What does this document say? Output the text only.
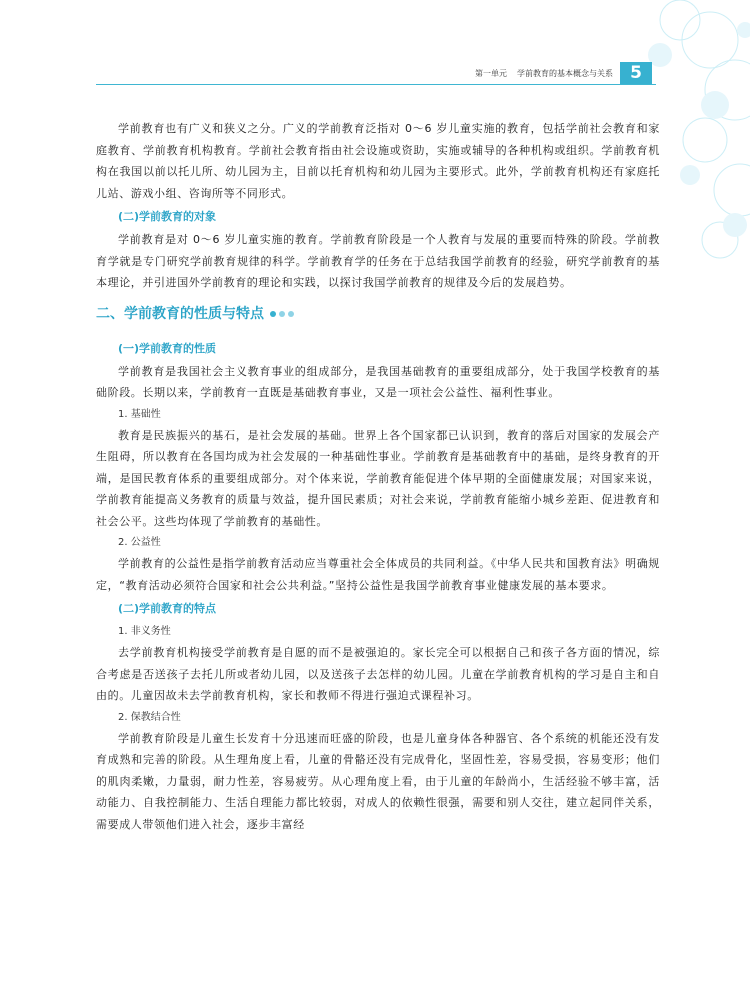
第一单元 学前教育的基本概念与关系	5

学前教育也有广义和狭义之分。广义的学前教育泛指对 0～6 岁儿童实施的教育，包括学前社会教育和家庭教育、学前教育机构教育。学前社会教育指由社会设施或资助，实施或辅导的各种机构或组织。学前教育机构在我国以前以托儿所、幼儿园为主，目前以托育机构和幼儿园为主要形式。此外，学前教育机构还有家庭托儿站、游戏小组、咨询所等不同形式。

(二)学前教育的对象

学前教育是对 0～6 岁儿童实施的教育。学前教育阶段是一个人教育与发展的重要而特殊的阶段。学前教育学就是专门研究学前教育规律的科学。学前教育学的任务在于总结我国学前教育的经验，研究学前教育的基本理论，并引进国外学前教育的理论和实践，以探讨我国学前教育的规律及今后的发展趋势。

二、学前教育的性质与特点
(一)学前教育的性质

学前教育是我国社会主义教育事业的组成部分，是我国基础教育的重要组成部分，处于我国学校教育的基础阶段。长期以来，学前教育一直既是基础教育事业，又是一项社会公益性、福利性事业。

1. 基础性

教育是民族振兴的基石，是社会发展的基础。世界上各个国家都已认识到，教育的落后对国家的发展会产生阻碍，所以教育在各国均成为社会发展的一种基础性事业。学前教育是基础教育中的基础，是终身教育的开端，是国民教育体系的重要组成部分。对个体来说，学前教育能促进个体早期的全面健康发展；对国家来说，学前教育能提高义务教育的质量与效益，提升国民素质；对社会来说，学前教育能缩小城乡差距、促进教育和社会公平。这些均体现了学前教育的基础性。

2. 公益性

学前教育的公益性是指学前教育活动应当尊重社会全体成员的共同利益。《中华人民共和国教育法》明确规定，“教育活动必须符合国家和社会公共利益。”坚持公益性是我国学前教育事业健康发展的基本要求。

(二)学前教育的特点
1. 非义务性

去学前教育机构接受学前教育是自愿的而不是被强迫的。家长完全可以根据自己和孩子各方面的情况，综合考虑是否送孩子去托儿所或者幼儿园，以及送孩子去怎样的幼儿园。儿童在学前教育机构的学习是自主和自由的。儿童因故未去学前教育机构，家长和教师不得进行强迫式课程补习。

2. 保教结合性

学前教育阶段是儿童生长发育十分迅速而旺盛的阶段，也是儿童身体各种器官、各个系统的机能还没有发育成熟和完善的阶段。从生理角度上看，儿童的骨骼还没有完成骨化，坚固性差，容易受损，容易变形；他们的肌肉柔嫩，力量弱，耐力性差，容易疲劳。从心理角度上看，由于儿童的年龄尚小，生活经验不够丰富，活动能力、自我控制能力、生活自理能力都比较弱，对成人的依赖性很强，需要和别人交往，建立起同伴关系，需要成人带领他们进入社会，逐步丰富经
